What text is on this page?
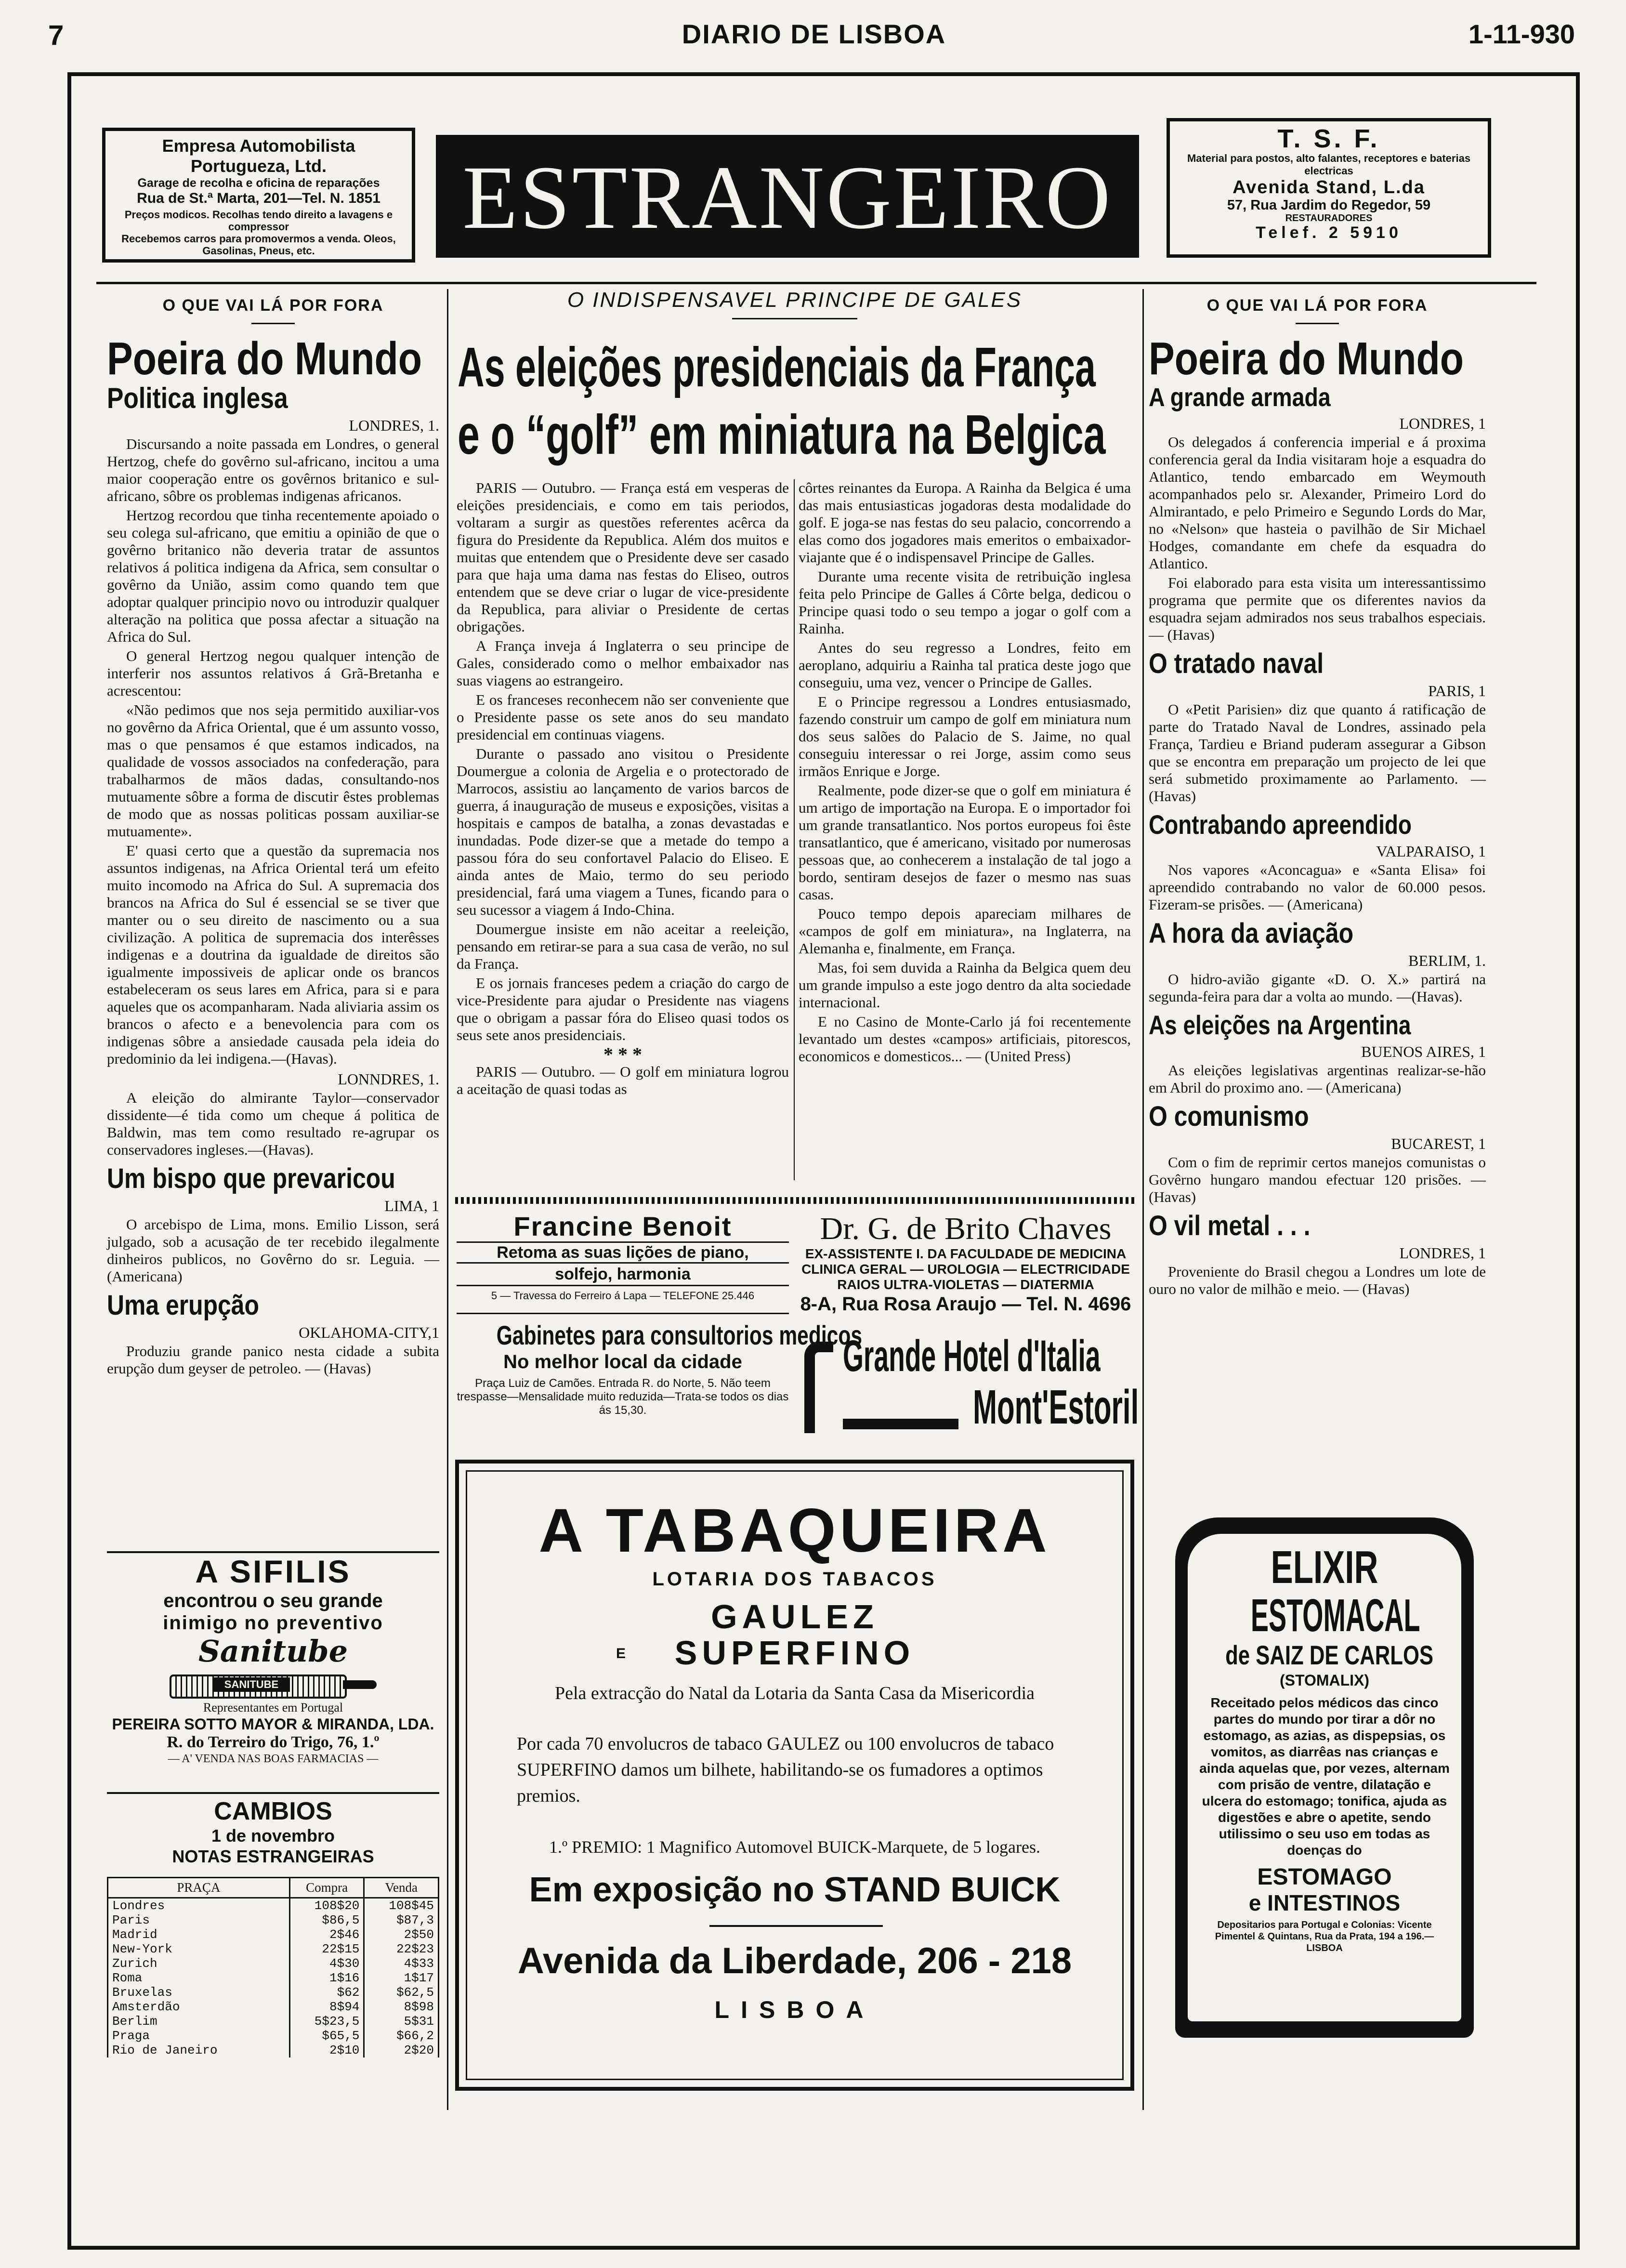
7	DIARIO DE LISBOA	1-11-930
Empresa Automobilista Portugueza, Ltd.
Garage de recolha e oficina de reparações
Rua de St.ª Marta, 201—Tel. N. 1851
Preços modicos. Recolhas tendo direito a lavagens e compressor
Recebemos carros para promovermos a venda. Oleos, Gasolinas, Pneus, etc.
ESTRANGEIRO
T. S. F.
Material para postos, alto falantes, receptores e baterias electricas
Avenida Stand, L.da
57, Rua Jardim do Regedor, 59
RESTAURADORES
Telef. 2 5910
O QUE VAI LÁ POR FORA
Poeira do Mundo
Politica inglesa
LONDRES, 1.

Discursando a noite passada em Londres, o general Hertzog, chefe do govêrno sul-africano, incitou a uma maior cooperação entre os govêrnos britanico e sul-africano, sôbre os problemas indigenas africanos.

Hertzog recordou que tinha recentemente apoiado o seu colega sul-africano, que emitiu a opinião de que o govêrno britanico não deveria tratar de assuntos relativos á politica indigena da Africa, sem consultar o govêrno da União, assim como quando tem que adoptar qualquer principio novo ou introduzir qualquer alteração na politica que possa afectar a situação na Africa do Sul.

O general Hertzog negou qualquer intenção de interferir nos assuntos relativos á Grã-Bretanha e acrescentou:

«Não pedimos que nos seja permitido auxiliar-vos no govêrno da Africa Oriental, que é um assunto vosso, mas o que pensamos é que estamos indicados, na qualidade de vossos associados na confederação, para trabalharmos de mãos dadas, consultando-nos mutuamente sôbre a forma de discutir êstes problemas de modo que as nossas politicas possam auxiliar-se mutuamente».

E' quasi certo que a questão da supremacia nos assuntos indigenas, na Africa Oriental terá um efeito muito incomodo na Africa do Sul. A supremacia dos brancos na Africa do Sul é essencial se se tiver que manter ou o seu direito de nascimento ou a sua civilização. A politica de supremacia dos interêsses indigenas e a doutrina da igualdade de direitos são igualmente impossiveis de aplicar onde os brancos estabeleceram os seus lares em Africa, para si e para aqueles que os acompanharam. Nada aliviaria assim os brancos o afecto e a benevolencia para com os indigenas sôbre a ansiedade causada pela ideia do predominio da lei indigena.—(Havas).

LONNDRES, 1.

A eleição do almirante Taylor—conservador dissidente—é tida como um cheque á politica de Baldwin, mas tem como resultado re-agrupar os conservadores ingleses.—(Havas).

Um bispo que prevaricou
LIMA, 1

O arcebispo de Lima, mons. Emilio Lisson, será julgado, sob a acusação de ter recebido ilegalmente dinheiros publicos, no Govêrno do sr. Leguia. — (Americana)

Uma erupção
OKLAHOMA-CITY,1

Produziu grande panico nesta cidade a subita erupção dum geyser de petroleo. — (Havas)

A SIFILIS
encontrou o seu grande
inimigo no preventivo
Sanitube
SANITUBE
Representantes em Portugal
PEREIRA SOTTO MAYOR & MIRANDA, LDA.
R. do Terreiro do Trigo, 76, 1.º
— A' VENDA NAS BOAS FARMACIAS —
CAMBIOS
1 de novembro
NOTAS ESTRANGEIRAS
PRAÇA	Compra	Venda
Londres	108$20	108$45
Paris	$86,5	$87,3
Madrid	2$46	2$50
New-York	22$15	22$23
Zurich	4$30	4$33
Roma	1$16	1$17
Bruxelas	$62	$62,5
Amsterdão	8$94	8$98
Berlim	5$23,5	5$31
Praga	$65,5	$66,2
Rio de Janeiro	2$10	2$20
O INDISPENSAVEL PRINCIPE DE GALES
As eleições presidenciais da França
e o “golf” em miniatura na Belgica

PARIS — Outubro. — França está em vesperas de eleições presidenciais, e como em tais periodos, voltaram a surgir as questões referentes acêrca da figura do Presidente da Republica. Além dos muitos e muitas que entendem que o Presidente deve ser casado para que haja uma dama nas festas do Eliseo, outros entendem que se deve criar o lugar de vice-presidente da Republica, para aliviar o Presidente de certas obrigações.

A França inveja á Inglaterra o seu principe de Gales, considerado como o melhor embaixador nas suas viagens ao estrangeiro.

E os franceses reconhecem não ser conveniente que o Presidente passe os sete anos do seu mandato presidencial em continuas viagens.

Durante o passado ano visitou o Presidente Doumergue a colonia de Argelia e o protectorado de Marrocos, assistiu ao lançamento de varios barcos de guerra, á inauguração de museus e exposições, visitas a hospitais e campos de batalha, a zonas devastadas e inundadas. Pode dizer-se que a metade do tempo a passou fóra do seu confortavel Palacio do Eliseo. E ainda antes de Maio, termo do seu periodo presidencial, fará uma viagem a Tunes, ficando para o seu sucessor a viagem á Indo-China.

Doumergue insiste em não aceitar a reeleição, pensando em retirar-se para a sua casa de verão, no sul da França.

E os jornais franceses pedem a criação do cargo de vice-Presidente para ajudar o Presidente nas viagens que o obrigam a passar fóra do Eliseo quasi todos os seus sete anos presidenciais.

* * *

PARIS — Outubro. — O golf em miniatura logrou a aceitação de quasi todas as

côrtes reinantes da Europa. A Rainha da Belgica é uma das mais entusiasticas jogadoras desta modalidade do golf. E joga-se nas festas do seu palacio, concorrendo a elas como dos jogadores mais emeritos o embaixador-viajante que é o indispensavel Principe de Galles.

Durante uma recente visita de retribuição inglesa feita pelo Principe de Galles á Côrte belga, dedicou o Principe quasi todo o seu tempo a jogar o golf com a Rainha.

Antes do seu regresso a Londres, feito em aeroplano, adquiriu a Rainha tal pratica deste jogo que conseguiu, uma vez, vencer o Principe de Galles.

E o Principe regressou a Londres entusiasmado, fazendo construir um campo de golf em miniatura num dos seus salões do Palacio de S. Jaime, no qual conseguiu interessar o rei Jorge, assim como seus irmãos Enrique e Jorge.

Realmente, pode dizer-se que o golf em miniatura é um artigo de importação na Europa. E o importador foi um grande transatlantico. Nos portos europeus foi êste transatlantico, que é americano, visitado por numerosas pessoas que, ao conhecerem a instalação de tal jogo a bordo, sentiram desejos de fazer o mesmo nas suas casas.

Pouco tempo depois apareciam milhares de «campos de golf em miniatura», na Inglaterra, na Alemanha e, finalmente, em França.

Mas, foi sem duvida a Rainha da Belgica quem deu um grande impulso a este jogo dentro da alta sociedade internacional.

E no Casino de Monte-Carlo já foi recentemente levantado um destes «campos» artificiais, pitorescos, economicos e domesticos... — (United Press)

Francine Benoit
Retoma as suas lições de piano,
solfejo, harmonia
5 — Travessa do Ferreiro á Lapa — TELEFONE 25.446
Gabinetes para consultorios medicos
No melhor local da cidade
Praça Luiz de Camões. Entrada R. do Norte, 5. Não teem trespasse—Mensalidade muito reduzida—Trata-se todos os dias ás 15,30.
Dr. G. de Brito Chaves
EX-ASSISTENTE I. DA FACULDADE DE MEDICINA
CLINICA GERAL — UROLOGIA — ELECTRICIDADE
RAIOS ULTRA-VIOLETAS — DIATERMIA
8-A, Rua Rosa Araujo — Tel. N. 4696
Grande Hotel d'Italia
Mont'Estoril
A TABAQUEIRA
LOTARIA DOS TABACOS
GAULEZ
E	SUPERFINO
Pela extracção do Natal da Lotaria da Santa Casa da Misericordia
Por cada 70 envolucros de tabaco GAULEZ ou 100 envolucros de tabaco SUPERFINO damos um bilhete, habilitando-se os fumadores a optimos premios.
1.º PREMIO: 1 Magnifico Automovel BUICK-Marquete, de 5 logares.
Em exposição no STAND BUICK
Avenida da Liberdade, 206 - 218
LISBOA
O QUE VAI LÁ POR FORA
Poeira do Mundo
A grande armada
LONDRES, 1

Os delegados á conferencia imperial e á proxima conferencia geral da India visitaram hoje a esquadra do Atlantico, tendo embarcado em Weymouth acompanhados pelo sr. Alexander, Primeiro Lord do Almirantado, e pelo Primeiro e Segundo Lords do Mar, no «Nelson» que hasteia o pavilhão de Sir Michael Hodges, comandante em chefe da esquadra do Atlantico.

Foi elaborado para esta visita um interessantissimo programa que permite que os diferentes navios da esquadra sejam admirados nos seus trabalhos especiais.— (Havas)

O tratado naval
PARIS, 1

O «Petit Parisien» diz que quanto á ratificação de parte do Tratado Naval de Londres, assinado pela França, Tardieu e Briand puderam assegurar a Gibson que se encontra em preparação um projecto de lei que será submetido proximamente ao Parlamento. — (Havas)

Contrabando apreendido
VALPARAISO, 1

Nos vapores «Aconcagua» e «Santa Elisa» foi apreendido contrabando no valor de 60.000 pesos. Fizeram-se prisões. — (Americana)

A hora da aviação
BERLIM, 1.

O hidro-avião gigante «D. O. X.» partirá na segunda-feira para dar a volta ao mundo. —(Havas).

As eleições na Argentina
BUENOS AIRES, 1

As eleições legislativas argentinas realizar-se-hão em Abril do proximo ano. — (Americana)

O comunismo
BUCAREST, 1

Com o fim de reprimir certos manejos comunistas o Govêrno hungaro mandou efectuar 120 prisões. — (Havas)

O vil metal . . .
LONDRES, 1

Proveniente do Brasil chegou a Londres um lote de ouro no valor de milhão e meio. — (Havas)

ELIXIR
ESTOMACAL
de SAIZ DE CARLOS
(STOMALIX)
Receitado pelos médicos das cinco partes do mundo por tirar a dôr no estomago, as azias, as dispepsias, os vomitos, as diarrêas nas crianças e ainda aquelas que, por vezes, alternam com prisão de ventre, dilatação e ulcera do estomago; tonifica, ajuda as digestões e abre o apetite, sendo utilissimo o seu uso em todas as doenças do
ESTOMAGO
e INTESTINOS
Depositarios para Portugal e Colonias: Vicente Pimentel & Quintans, Rua da Prata, 194 a 196.—LISBOA
